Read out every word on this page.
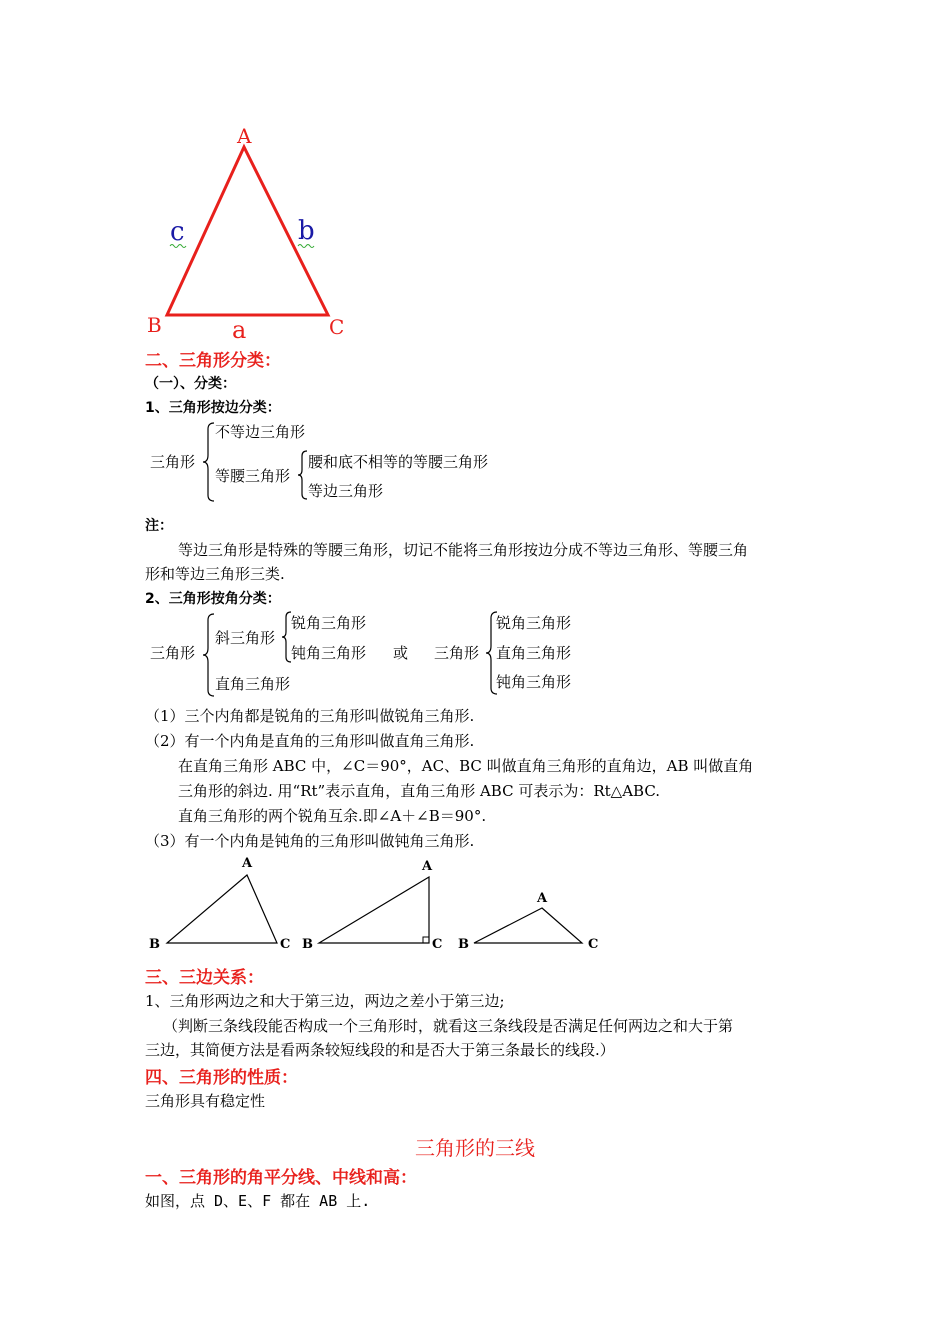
A
B	C
a
b
c
二、三角形分类：
（一）、分类：
1、三角形按边分类：
三角形
不等边三角形
等腰三角形
腰和底不相等的等腰三角形
等边三角形
注：
等边三角形是特殊的等腰三角形，切记不能将三角形按边分成不等边三角形、等腰三角
形和等边三角形三类.
2、三角形按角分类：
三角形
斜三角形
直角三角形
锐角三角形
钝角三角形 或 三角形
锐角三角形
直角三角形
钝角三角形
（1）三个内角都是锐角的三角形叫做锐角三角形.
（2）有一个内角是直角的三角形叫做直角三角形.
在直角三角形 ABC 中，∠C＝90°，AC、BC 叫做直角三角形的直角边，AB 叫做直角
三角形的斜边. 用“Rt”表示直角，直角三角形 ABC 可表示为：Rt△ABC.
直角三角形的两个锐角互余.即∠A＋∠B＝90°.
（3）有一个内角是钝角的三角形叫做钝角三角形.
A
B	C
A
B	C
A
B	C
三、三边关系：
1、三角形两边之和大于第三边，两边之差小于第三边;
（判断三条线段能否构成一个三角形时，就看这三条线段是否满足任何两边之和大于第
三边，其简便方法是看两条较短线段的和是否大于第三条最长的线段.）
四、三角形的性质：
三角形具有稳定性
三角形的三线
一、三角形的角平分线、中线和高：
如图，点 D、E、F 都在 AB 上.
